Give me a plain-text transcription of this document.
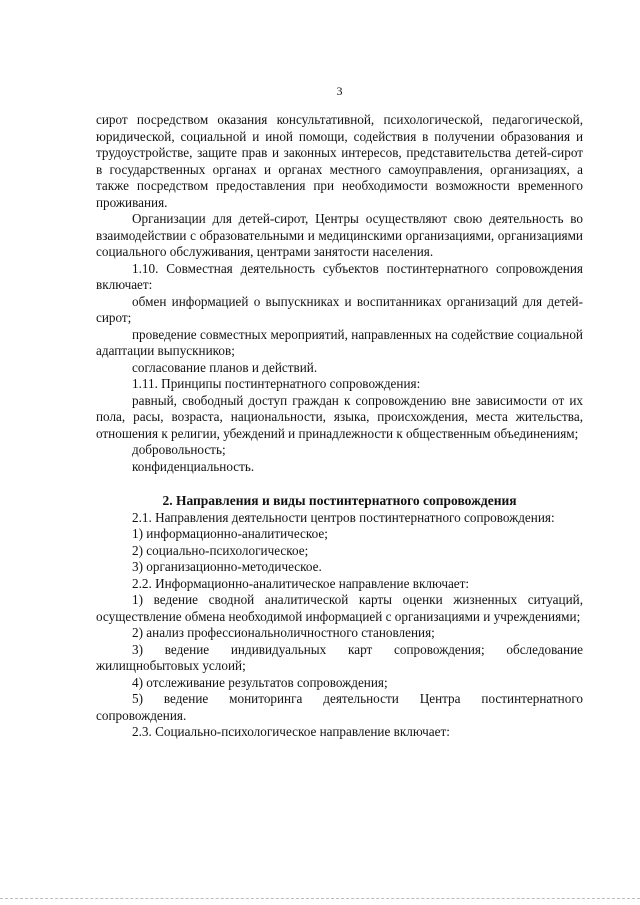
3

сирот посредством оказания консультативной, психологической, педагогической, юридической, социальной и иной помощи, содействия в получении образования и трудоустройстве, защите прав и законных интересов, представительства детей-сирот в государственных органах и органах местного самоуправления, организациях, а также посредством предоставления при необходимости возможности временного проживания.

Организации для детей-сирот, Центры осуществляют свою деятельность во взаимодействии с образовательными и медицинскими организациями, организациями социального обслуживания, центрами занятости населения.

1.10. Совместная деятельность субъектов постинтернатного сопровождения включает:

обмен информацией о выпускниках и воспитанниках организаций для детей-сирот;

проведение совместных мероприятий, направленных на содействие социальной адаптации выпускников;

согласование планов и действий.

1.11. Принципы постинтернатного сопровождения:

равный, свободный доступ граждан к сопровождению вне зависимости от их пола, расы, возраста, национальности, языка, происхождения, места жительства, отношения к религии, убеждений и принадлежности к общественным объединениям;

добровольность;

конфиденциальность.

2. Направления и виды постинтернатного сопровождения

2.1. Направления деятельности центров постинтернатного сопровождения:

1) информационно-аналитическое;

2) социально-психологическое;

3) организационно-методическое.

2.2. Информационно-аналитическое направление включает:

1) ведение сводной аналитической карты оценки жизненных ситуаций, осуществление обмена необходимой информацией с организациями и учреждениями;

2) анализ профессиональноличностного становления;

3) ведение индивидуальных карт сопровождения; обследование жилищнобытовых услоий;

4) отслеживание результатов сопровождения;

5) ведение мониторинга деятельности Центра постинтернатного сопровождения.

2.3. Социально-психологическое направление включает:
